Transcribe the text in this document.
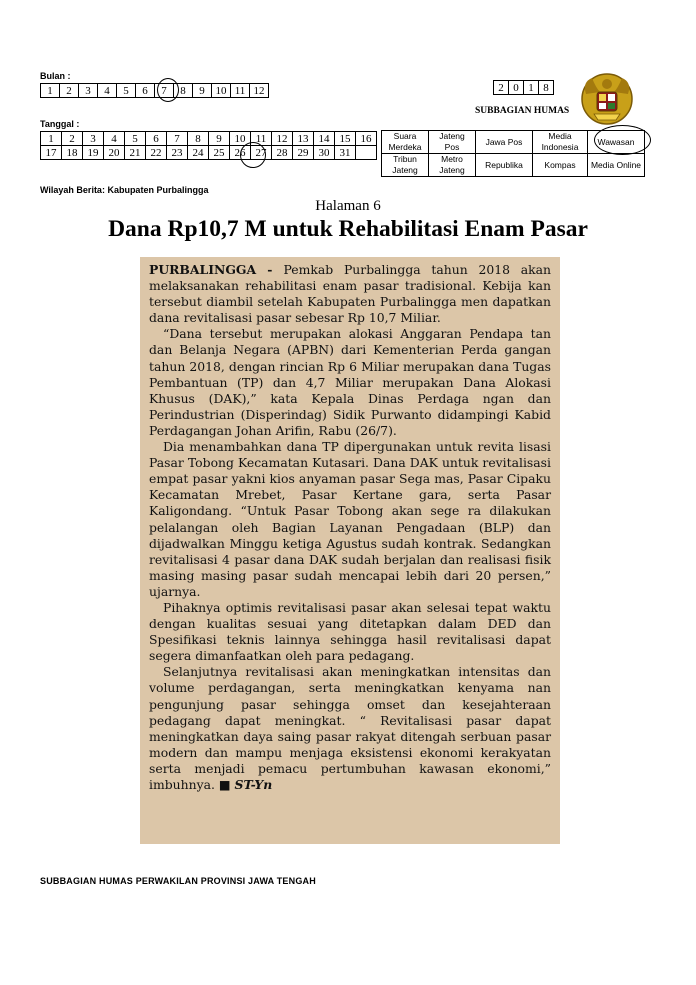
Bulan :
1	2	3	4	5	6	7	8	9	10	11	12
Tanggal :
1	2	3	4	5	6	7	8	9	10	11	12	13	14	15	16
17	18	19	20	21	22	23	24	25	26	27	28	29	30	31	
Wilayah Berita: Kabupaten Purbalingga
2	0	1	8
SUBBAGIAN HUMAS
Suara Merdeka	Jateng Pos	Jawa Pos	Media Indonesia	Wawasan
Tribun Jateng	Metro Jateng	Republika	Kompas	Media Online
Halaman 6
Dana Rp10,7 M untuk Rehabilitasi Enam Pasar

PURBALINGGA - Pemkab Purbalingga tahun 2018 akan melaksanakan rehabilitasi enam pasar tradisional. Kebija kan tersebut diambil setelah Kabupaten Purbalingga men dapatkan dana revitalisasi pasar sebesar Rp 10,7 Miliar.

“Dana tersebut merupakan alokasi Anggaran Pendapa tan dan Belanja Negara (APBN) dari Kementerian Perda gangan tahun 2018, dengan rincian Rp 6 Miliar merupakan dana Tugas Pembantuan (TP) dan 4,7 Miliar merupakan Dana Alokasi Khusus (DAK),” kata Kepala Dinas Perdaga ngan dan Perindustrian (Disperindag) Sidik Purwanto didampingi Kabid Perdagangan Johan Arifin, Rabu (26/7).

Dia menambahkan dana TP dipergunakan untuk revita lisasi Pasar Tobong Kecamatan Kutasari. Dana DAK untuk revitalisasi empat pasar yakni kios anyaman pasar Sega mas, Pasar Cipaku Kecamatan Mrebet, Pasar Kertane gara, serta Pasar Kaligondang. “Untuk Pasar Tobong akan sege ra dilakukan pelalangan oleh Bagian Layanan Pengadaan (BLP) dan dijadwalkan Minggu ketiga Agustus sudah kontrak. Sedangkan revitalisasi 4 pasar dana DAK sudah berjalan dan realisasi fisik masing masing pasar sudah mencapai lebih dari 20 persen,” ujarnya.

Pihaknya optimis revitalisasi pasar akan selesai tepat waktu dengan kualitas sesuai yang ditetapkan dalam DED dan Spesifikasi teknis lainnya sehingga hasil revitalisasi dapat segera dimanfaatkan oleh para pedagang.

Selanjutnya revitalisasi akan meningkatkan intensitas dan volume perdagangan, serta meningkatkan kenyama nan pengunjung pasar sehingga omset dan kesejahteraan pedagang dapat meningkat. “ Revitalisasi pasar dapat meningkatkan daya saing pasar rakyat ditengah serbuan pasar modern dan mampu menjaga eksistensi ekonomi kerakyatan serta menjadi pemacu pertumbuhan kawasan ekonomi,” imbuhnya. ■ ST-Yn

SUBBAGIAN HUMAS PERWAKILAN PROVINSI JAWA TENGAH
